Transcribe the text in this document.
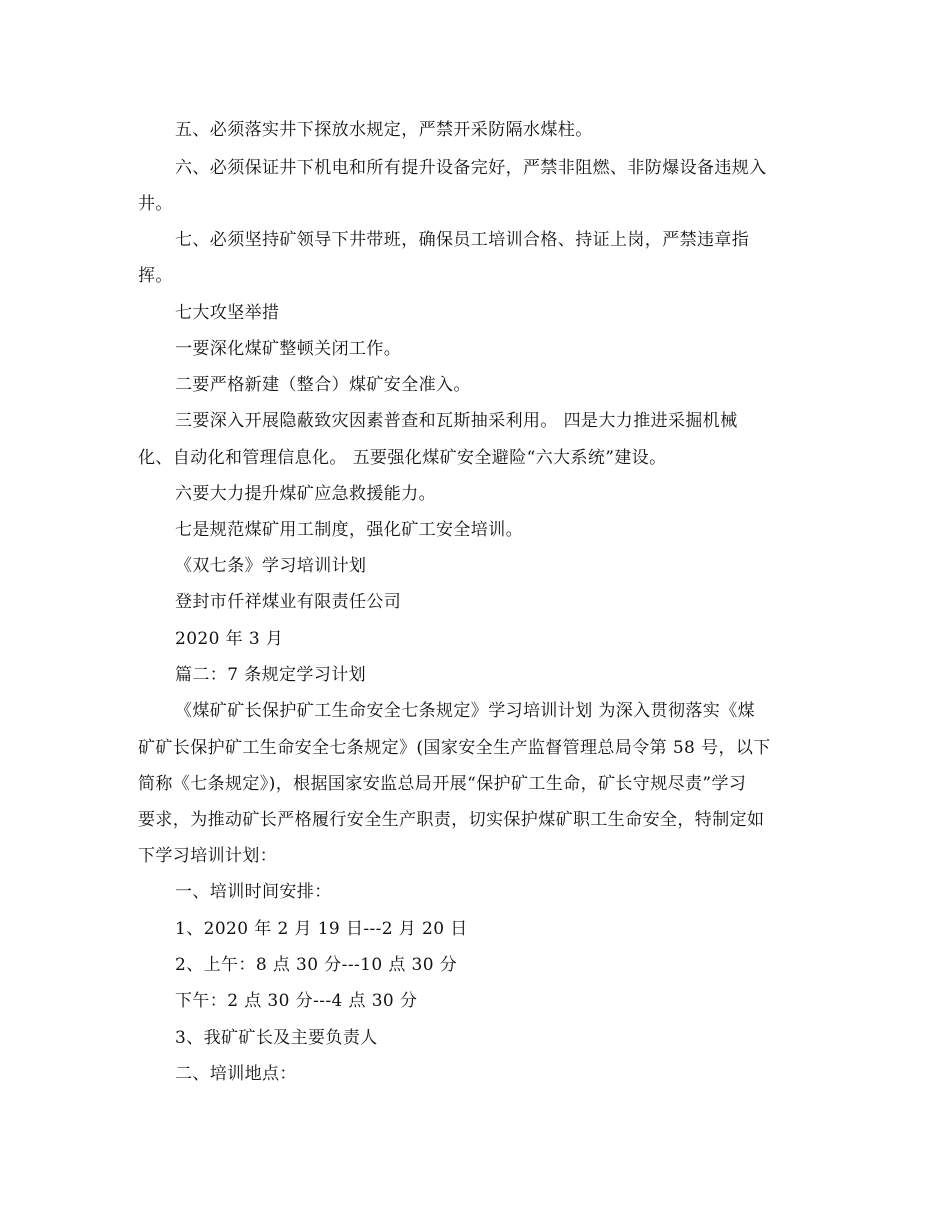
五、必须落实井下探放水规定，严禁开采防隔水煤柱。
六、必须保证井下机电和所有提升设备完好，严禁非阻燃、非防爆设备违规入
井。
七、必须坚持矿领导下井带班，确保员工培训合格、持证上岗，严禁违章指
挥。
七大攻坚举措
一要深化煤矿整顿关闭工作。
二要严格新建（整合）煤矿安全准入。
三要深入开展隐蔽致灾因素普查和瓦斯抽采利用。 四是大力推进采掘机械
化、自动化和管理信息化。 五要强化煤矿安全避险“六大系统”建设。
六要大力提升煤矿应急救援能力。
七是规范煤矿用工制度，强化矿工安全培训。
《双七条》学习培训计划
登封市仟祥煤业有限责任公司
2020 年 3 月
篇二：7 条规定学习计划
《煤矿矿长保护矿工生命安全七条规定》学习培训计划 为深入贯彻落实《煤
矿矿长保护矿工生命安全七条规定》(国家安全生产监督管理总局令第 58 号，以下
简称《七条规定》)，根据国家安监总局开展“保护矿工生命，矿长守规尽责”学习
要求，为推动矿长严格履行安全生产职责，切实保护煤矿职工生命安全，特制定如
下学习培训计划：
一、培训时间安排：
1、2020 年 2 月 19 日---2 月 20 日
2、上午：8 点 30 分---10 点 30 分
下午：2 点 30 分---4 点 30 分
3、我矿矿长及主要负责人
二、培训地点：
